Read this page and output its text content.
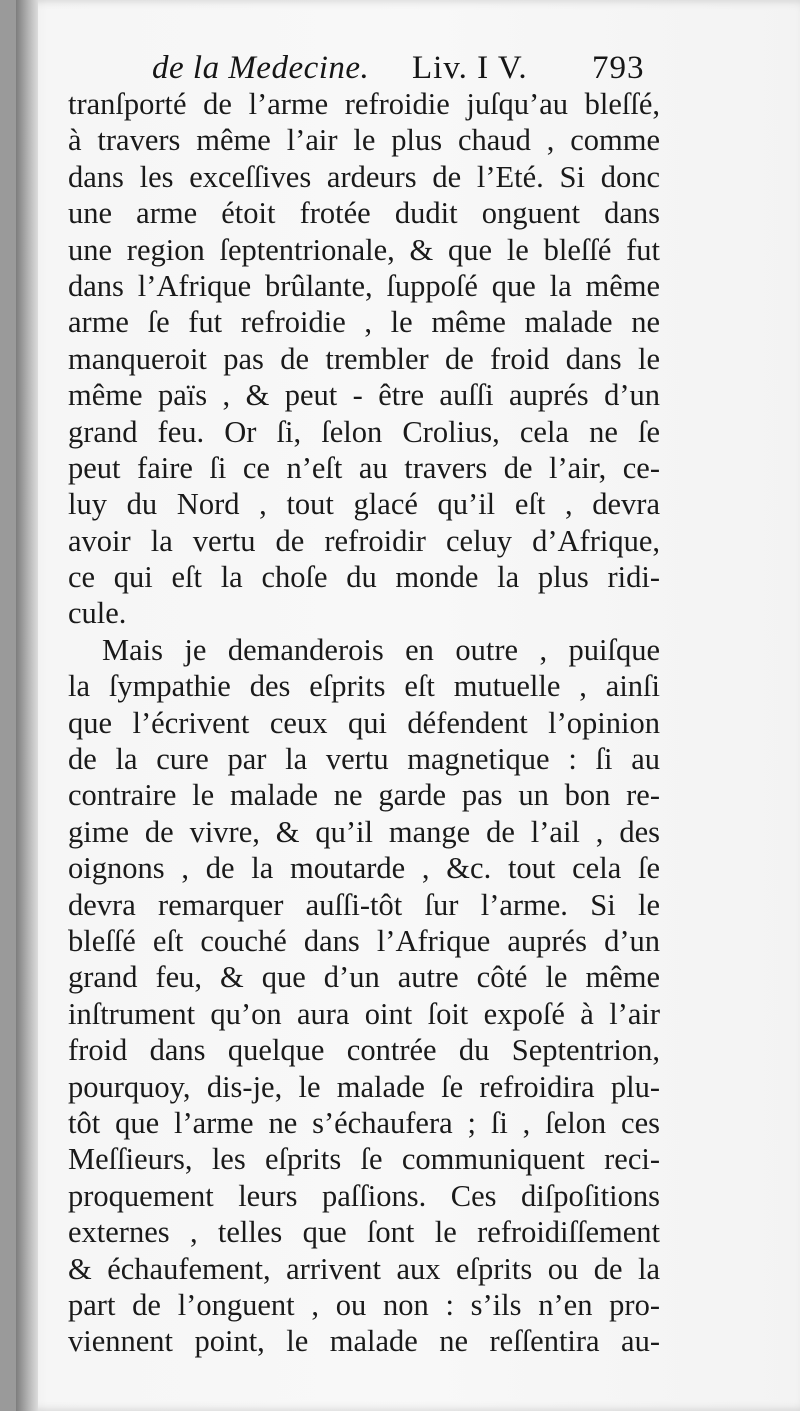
de la Medecine. Liv. I V. 793
tranſporté de l’arme refroidie juſqu’au bleſſé,
à travers même l’air le plus chaud , comme
dans les exceſſives ardeurs de l’Eté. Si donc
une arme étoit frotée dudit onguent dans
une region ſeptentrionale, & que le bleſſé fut
dans l’Afrique brûlante, ſuppoſé que la même
arme ſe fut refroidie , le même malade ne
manqueroit pas de trembler de froid dans le
même païs , & peut - être auſſi auprés d’un
grand feu. Or ſi, ſelon Crolius, cela ne ſe
peut faire ſi ce n’eſt au travers de l’air, ce-
luy du Nord , tout glacé qu’il eſt , devra
avoir la vertu de refroidir celuy d’Afrique,
ce qui eſt la choſe du monde la plus ridi-
cule.
Mais je demanderois en outre , puiſque
la ſympathie des eſprits eſt mutuelle , ainſi
que l’écrivent ceux qui défendent l’opinion
de la cure par la vertu magnetique : ſi au
contraire le malade ne garde pas un bon re-
gime de vivre, & qu’il mange de l’ail , des
oignons , de la moutarde , &c. tout cela ſe
devra remarquer auſſi-tôt ſur l’arme. Si le
bleſſé eſt couché dans l’Afrique auprés d’un
grand feu, & que d’un autre côté le même
inſtrument qu’on aura oint ſoit expoſé à l’air
froid dans quelque contrée du Septentrion,
pourquoy, dis-je, le malade ſe refroidira plu-
tôt que l’arme ne s’échaufera ; ſi , ſelon ces
Meſſieurs, les eſprits ſe communiquent reci-
proquement leurs paſſions. Ces diſpoſitions
externes , telles que ſont le refroidiſſement
& échaufement, arrivent aux eſprits ou de la
part de l’onguent , ou non : s’ils n’en pro-
viennent point, le malade ne reſſentira au-
